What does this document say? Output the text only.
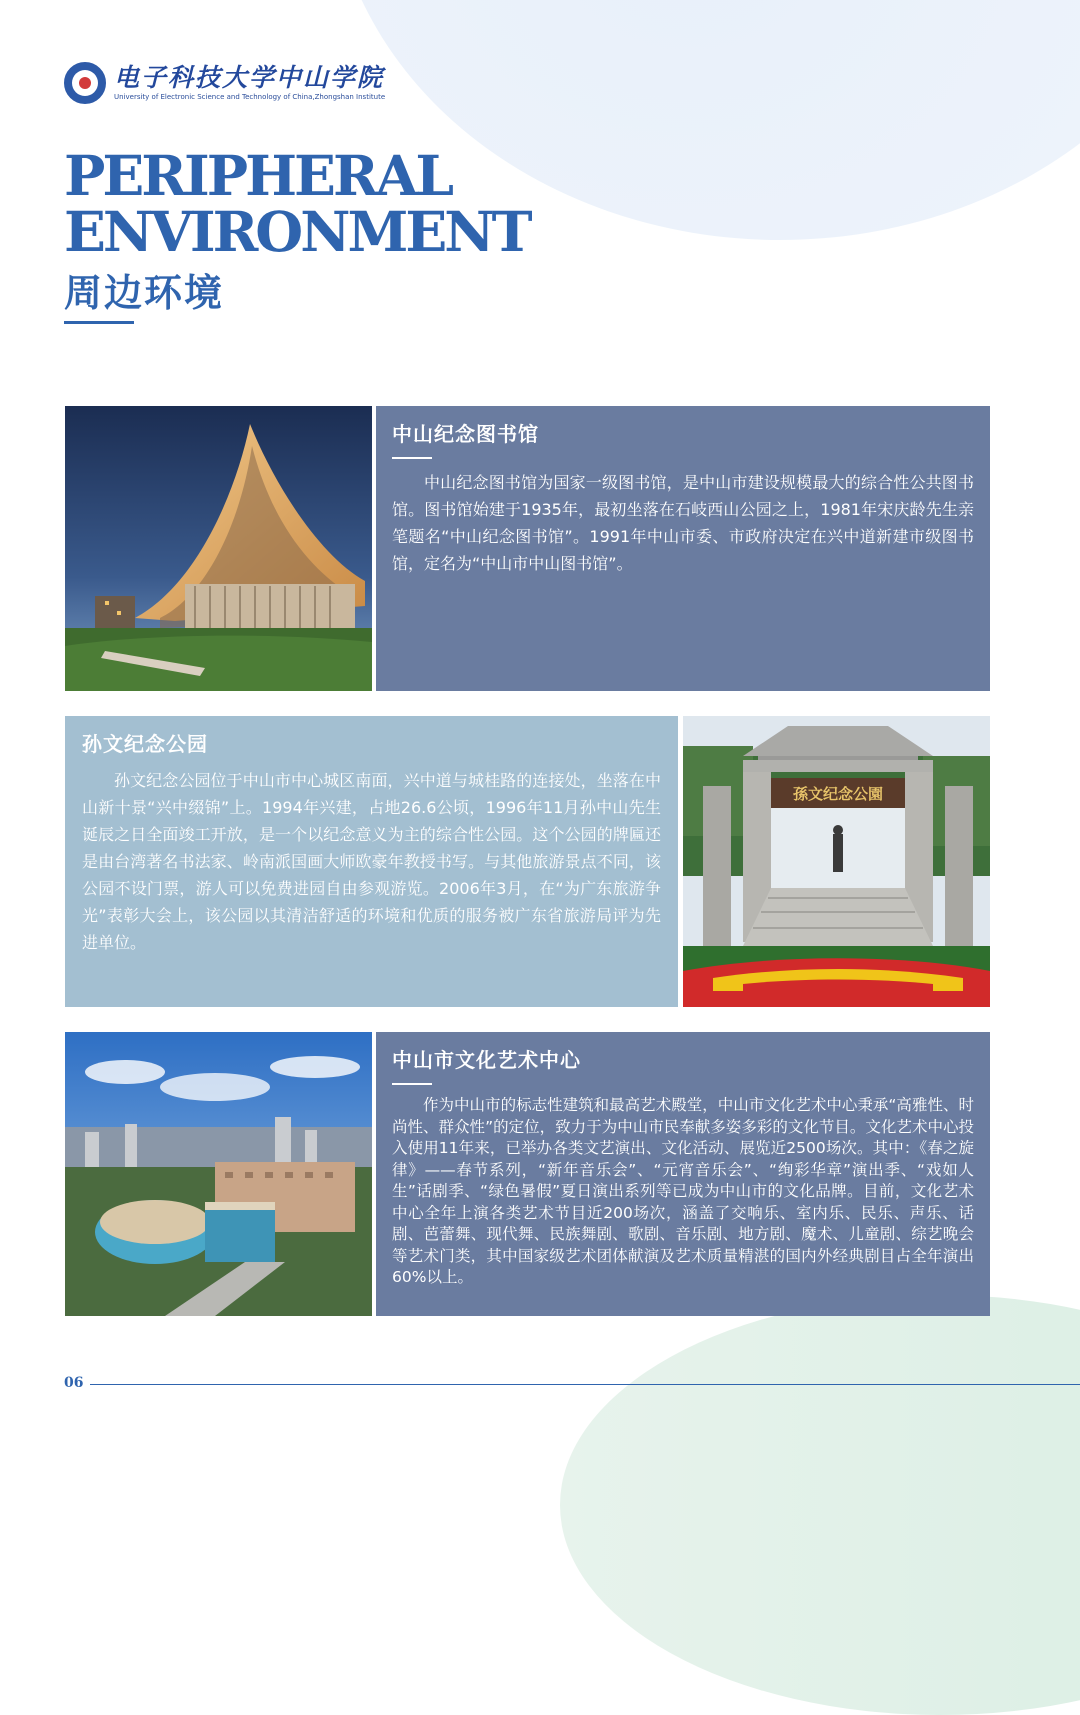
电子科技大学中山学院
University of Electronic Science and Technology of China,Zhongshan Institute
PERIPHERAL
ENVIRONMENT
周边环境
中山纪念图书馆

中山纪念图书馆为国家一级图书馆，是中山市建设规模最大的综合性公共图书馆。图书馆始建于1935年，最初坐落在石岐西山公园之上，1981年宋庆龄先生亲笔题名“中山纪念图书馆”。1991年中山市委、市政府决定在兴中道新建市级图书馆，定名为“中山市中山图书馆”。

孙文纪念公园

孙文纪念公园位于中山市中心城区南面，兴中道与城桂路的连接处，坐落在中山新十景“兴中缀锦”上。1994年兴建，占地26.6公顷，1996年11月孙中山先生诞辰之日全面竣工开放，是一个以纪念意义为主的综合性公园。这个公园的牌匾还是由台湾著名书法家、岭南派国画大师欧豪年教授书写。与其他旅游景点不同，该公园不设门票，游人可以免费进园自由参观游览。2006年3月，在“为广东旅游争光”表彰大会上，该公园以其清洁舒适的环境和优质的服务被广东省旅游局评为先进单位。

孫文纪念公園
中山市文化艺术中心

作为中山市的标志性建筑和最高艺术殿堂，中山市文化艺术中心秉承“高雅性、时尚性、群众性”的定位，致力于为中山市民奉献多姿多彩的文化节目。文化艺术中心投入使用11年来，已举办各类文艺演出、文化活动、展览近2500场次。其中：《春之旋律》——春节系列，“新年音乐会”、“元宵音乐会”、“绚彩华章”演出季、“戏如人生”话剧季、“绿色暑假”夏日演出系列等已成为中山市的文化品牌。目前，文化艺术中心全年上演各类艺术节目近200场次，涵盖了交响乐、室内乐、民乐、声乐、话剧、芭蕾舞、现代舞、民族舞剧、歌剧、音乐剧、地方剧、魔术、儿童剧、综艺晚会等艺术门类，其中国家级艺术团体献演及艺术质量精湛的国内外经典剧目占全年演出60%以上。

06
